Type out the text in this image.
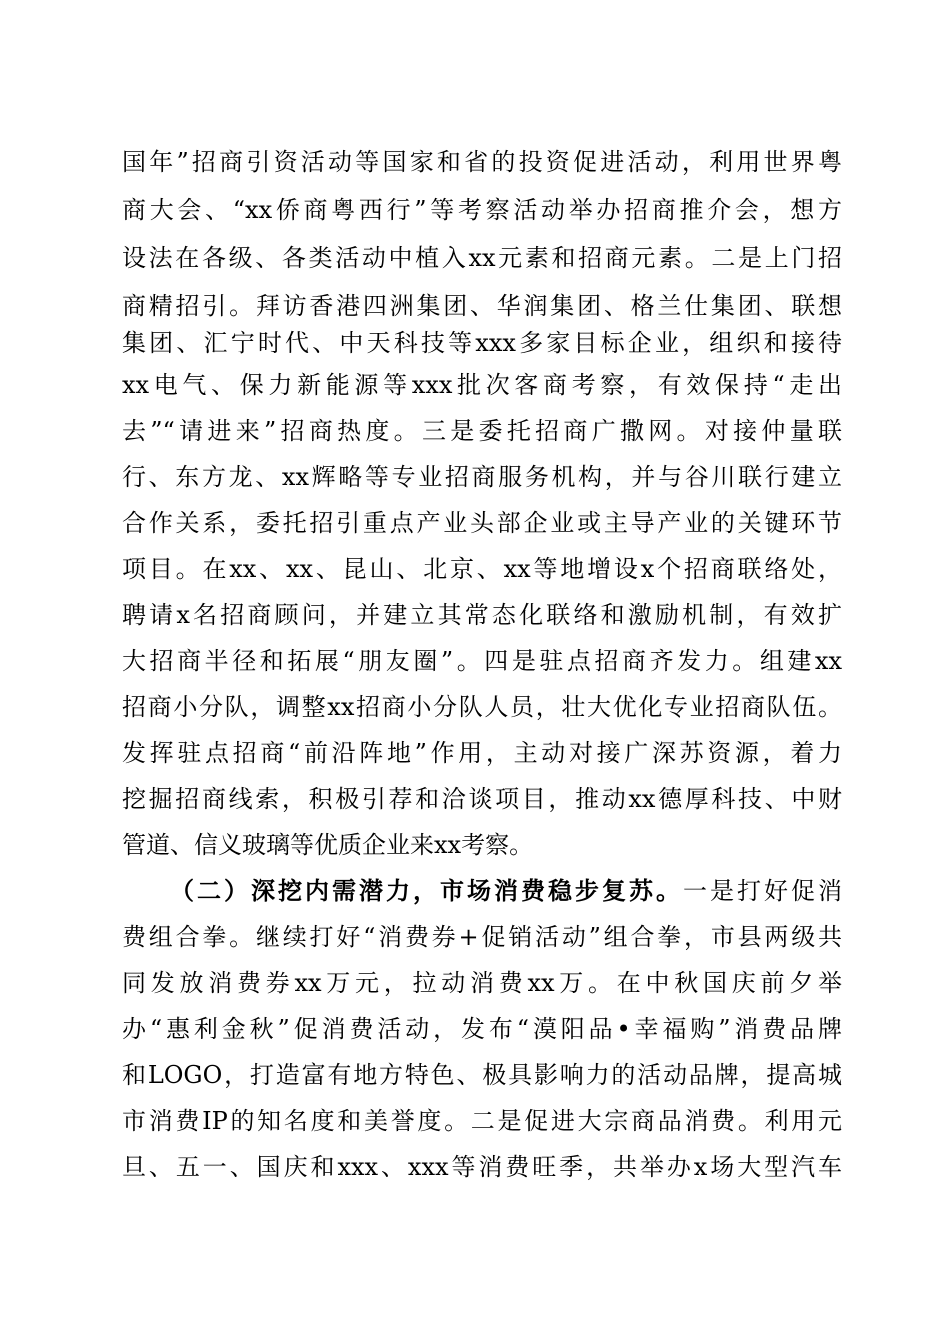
国年”招商引资活动等国家和省的投资促进活动，利用世界粤
商大会、“xx侨商粤西行”等考察活动举办招商推介会，想方
设法在各级、各类活动中植入xx元素和招商元素。二是上门招
商精招引。拜访香港四洲集团、华润集团、格兰仕集团、联想
集团、汇宁时代、中天科技等xxx多家目标企业，组织和接待
xx电气、保力新能源等xxx批次客商考察，有效保持“走出
去”“请进来”招商热度。三是委托招商广撒网。对接仲量联
行、东方龙、xx辉略等专业招商服务机构，并与谷川联行建立
合作关系，委托招引重点产业头部企业或主导产业的关键环节
项目。在xx、xx、昆山、北京、xx等地增设x个招商联络处，
聘请x名招商顾问，并建立其常态化联络和激励机制，有效扩
大招商半径和拓展“朋友圈”。四是驻点招商齐发力。组建xx
招商小分队，调整xx招商小分队人员，壮大优化专业招商队伍。
发挥驻点招商“前沿阵地”作用，主动对接广深苏资源，着力
挖掘招商线索，积极引荐和洽谈项目，推动xx德厚科技、中财
管道、信义玻璃等优质企业来xx考察。
（二）深挖内需潜力，市场消费稳步复苏。一是打好促消
费组合拳。继续打好“消费券+促销活动”组合拳，市县两级共
同发放消费券xx万元，拉动消费xx万。在中秋国庆前夕举
办“惠利金秋”促消费活动，发布“漠阳品•幸福购”消费品牌
和LOGO，打造富有地方特色、极具影响力的活动品牌，提高城
市消费IP的知名度和美誉度。二是促进大宗商品消费。利用元
旦、五一、国庆和xxx、xxx等消费旺季，共举办x场大型汽车
